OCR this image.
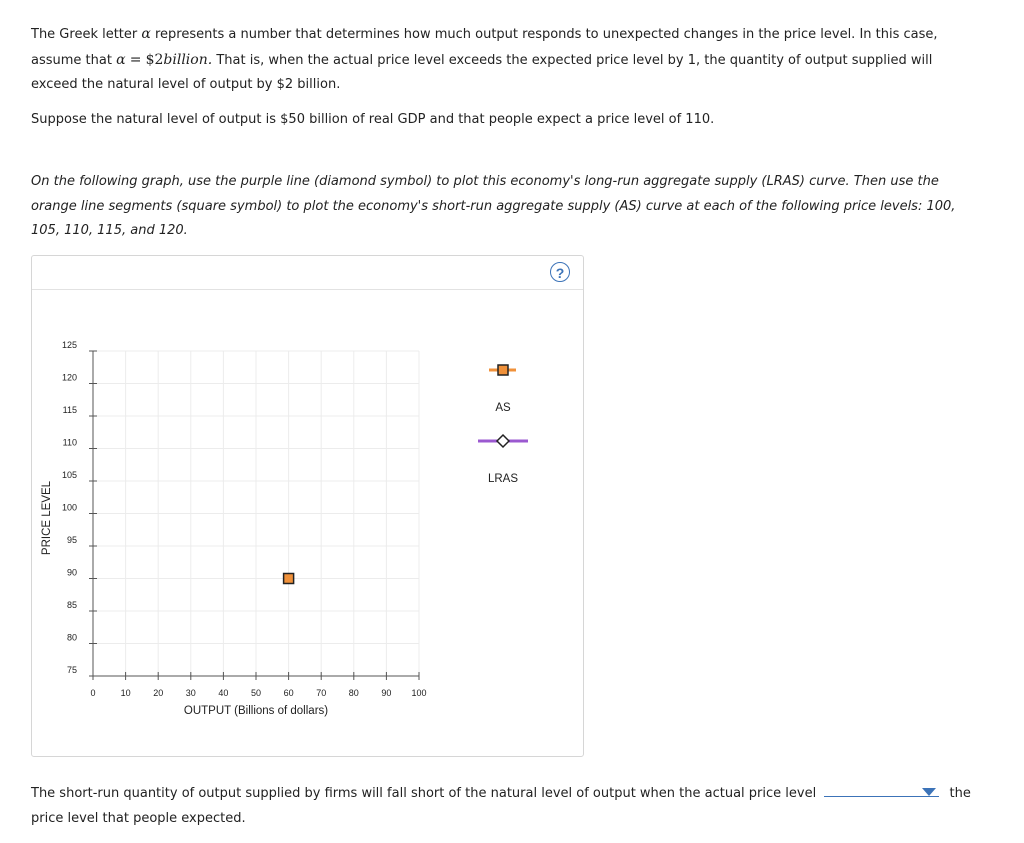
The Greek letter α represents a number that determines how much output responds to unexpected changes in the price level. In this case, assume that α = $2billion. That is, when the actual price level exceeds the expected price level by 1, the quantity of output supplied will exceed the natural level of output by $2 billion.
Suppose the natural level of output is $50 billion of real GDP and that people expect a price level of 110.
On the following graph, use the purple line (diamond symbol) to plot this economy's long-run aggregate supply (LRAS) curve. Then use the orange line segments (square symbol) to plot the economy's short-run aggregate supply (AS) curve at each of the following price levels: 100, 105, 110, 115, and 120.
?
0	10	20	30	40	50	60	70	80	90 100
75
80
85
90
95
100
105
110
115
120
125
PRICE LEVEL
OUTPUT (Billions of dollars)
AS
LRAS
The short-run quantity of output supplied by firms will fall short of the natural level of output when the actual price level	the price level that people expected.
